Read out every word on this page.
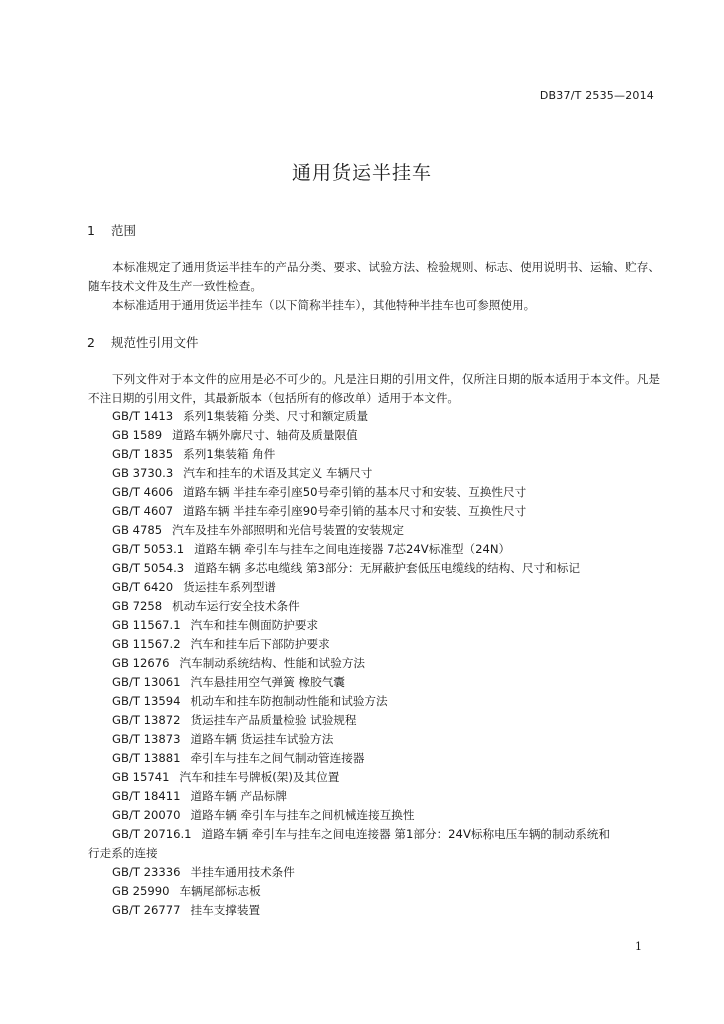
DB37/T 2535—2014
通用货运半挂车
1 范围

本标准规定了通用货运半挂车的产品分类、要求、试验方法、检验规则、标志、使用说明书、运输、贮存、随车技术文件及生产一致性检查。

本标准适用于通用货运半挂车（以下简称半挂车），其他特种半挂车也可参照使用。

2 规范性引用文件

下列文件对于本文件的应用是必不可少的。凡是注日期的引用文件，仅所注日期的版本适用于本文件。凡是不注日期的引用文件，其最新版本（包括所有的修改单）适用于本文件。

GB/T 1413 系列1集装箱 分类、尺寸和额定质量
GB 1589 道路车辆外廓尺寸、轴荷及质量限值
GB/T 1835 系列1集装箱 角件
GB 3730.3 汽车和挂车的术语及其定义 车辆尺寸
GB/T 4606 道路车辆 半挂车牵引座50号牵引销的基本尺寸和安装、互换性尺寸
GB/T 4607 道路车辆 半挂车牵引座90号牵引销的基本尺寸和安装、互换性尺寸
GB 4785 汽车及挂车外部照明和光信号装置的安装规定
GB/T 5053.1 道路车辆 牵引车与挂车之间电连接器 7芯24V标准型（24N）
GB/T 5054.3 道路车辆 多芯电缆线 第3部分：无屏蔽护套低压电缆线的结构、尺寸和标记
GB/T 6420 货运挂车系列型谱
GB 7258 机动车运行安全技术条件
GB 11567.1 汽车和挂车侧面防护要求
GB 11567.2 汽车和挂车后下部防护要求
GB 12676 汽车制动系统结构、性能和试验方法
GB/T 13061 汽车悬挂用空气弹簧 橡胶气囊
GB/T 13594 机动车和挂车防抱制动性能和试验方法
GB/T 13872 货运挂车产品质量检验 试验规程
GB/T 13873 道路车辆 货运挂车试验方法
GB/T 13881 牵引车与挂车之间气制动管连接器
GB 15741 汽车和挂车号牌板(架)及其位置
GB/T 18411 道路车辆 产品标牌
GB/T 20070 道路车辆 牵引车与挂车之间机械连接互换性
GB/T 20716.1 道路车辆 牵引车与挂车之间电连接器 第1部分：24V标称电压车辆的制动系统和
行走系的连接
GB/T 23336 半挂车通用技术条件
GB 25990 车辆尾部标志板
GB/T 26777 挂车支撑装置
1
